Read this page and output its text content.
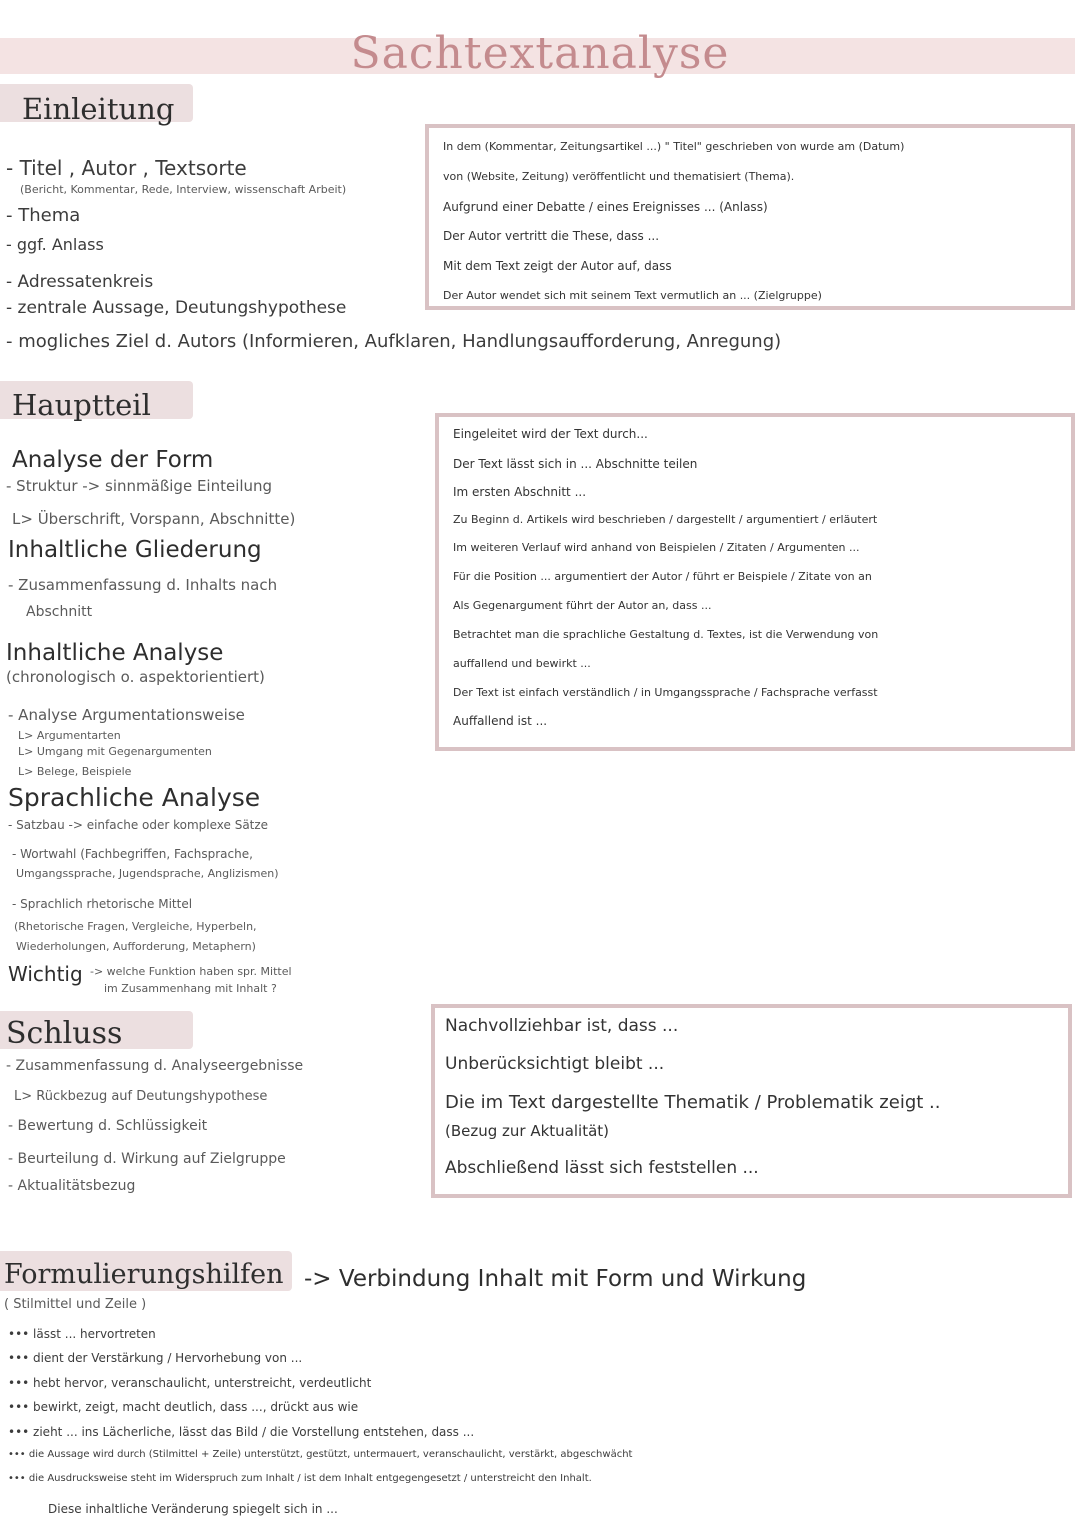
Sachtextanalyse
Einleitung
- Titel , Autor , Textsorte
(Bericht, Kommentar, Rede, Interview, wissenschaft Arbeit)
- Thema
- ggf. Anlass
- Adressatenkreis
- zentrale Aussage, Deutungshypothese
- mogliches Ziel d. Autors (Informieren, Aufklaren, Handlungsaufforderung, Anregung)
In dem (Kommentar, Zeitungsartikel ...) " Titel" geschrieben von wurde am (Datum)
von (Website, Zeitung) veröffentlicht und thematisiert (Thema).
Aufgrund einer Debatte / eines Ereignisses ... (Anlass)
Der Autor vertritt die These, dass ...
Mit dem Text zeigt der Autor auf, dass
Der Autor wendet sich mit seinem Text vermutlich an ... (Zielgruppe)
Hauptteil
Analyse der Form
- Struktur -> sinnmäßige Einteilung
L> Überschrift, Vorspann, Abschnitte)
Inhaltliche Gliederung
- Zusammenfassung d. Inhalts nach
Abschnitt
Inhaltliche Analyse
(chronologisch o. aspektorientiert)
- Analyse Argumentationsweise
L> Argumentarten
L> Umgang mit Gegenargumenten
L> Belege, Beispiele
Sprachliche Analyse
- Satzbau -> einfache oder komplexe Sätze
- Wortwahl (Fachbegriffen, Fachsprache,
Umgangssprache, Jugendsprache, Anglizismen)
- Sprachlich rhetorische Mittel
(Rhetorische Fragen, Vergleiche, Hyperbeln,
Wiederholungen, Aufforderung, Metaphern)
Wichtig -> welche Funktion haben spr. Mittel
im Zusammenhang mit Inhalt ?
Eingeleitet wird der Text durch...
Der Text lässt sich in ... Abschnitte teilen
Im ersten Abschnitt ...
Zu Beginn d. Artikels wird beschrieben / dargestellt / argumentiert / erläutert
Im weiteren Verlauf wird anhand von Beispielen / Zitaten / Argumenten ...
Für die Position ... argumentiert der Autor / führt er Beispiele / Zitate von an
Als Gegenargument führt der Autor an, dass ...
Betrachtet man die sprachliche Gestaltung d. Textes, ist die Verwendung von
auffallend und bewirkt ...
Der Text ist einfach verständlich / in Umgangssprache / Fachsprache verfasst
Auffallend ist ...
Schluss
- Zusammenfassung d. Analyseergebnisse
L> Rückbezug auf Deutungshypothese
- Bewertung d. Schlüssigkeit
- Beurteilung d. Wirkung auf Zielgruppe
- Aktualitätsbezug
Nachvollziehbar ist, dass ...
Unberücksichtigt bleibt ...
Die im Text dargestellte Thematik / Problematik zeigt ..
(Bezug zur Aktualität)
Abschließend lässt sich feststellen ...
Formulierungshilfen -> Verbindung Inhalt mit Form und Wirkung
( Stilmittel und Zeile )
••• lässt ... hervortreten
••• dient der Verstärkung / Hervorhebung von ...
••• hebt hervor, veranschaulicht, unterstreicht, verdeutlicht
••• bewirkt, zeigt, macht deutlich, dass ..., drückt aus wie
••• zieht ... ins Lächerliche, lässt das Bild / die Vorstellung entstehen, dass ...
••• die Aussage wird durch (Stilmittel + Zeile) unterstützt, gestützt, untermauert, veranschaulicht, verstärkt, abgeschwächt
••• die Ausdrucksweise steht im Widerspruch zum Inhalt / ist dem Inhalt entgegengesetzt / unterstreicht den Inhalt.
Diese inhaltliche Veränderung spiegelt sich in ...
